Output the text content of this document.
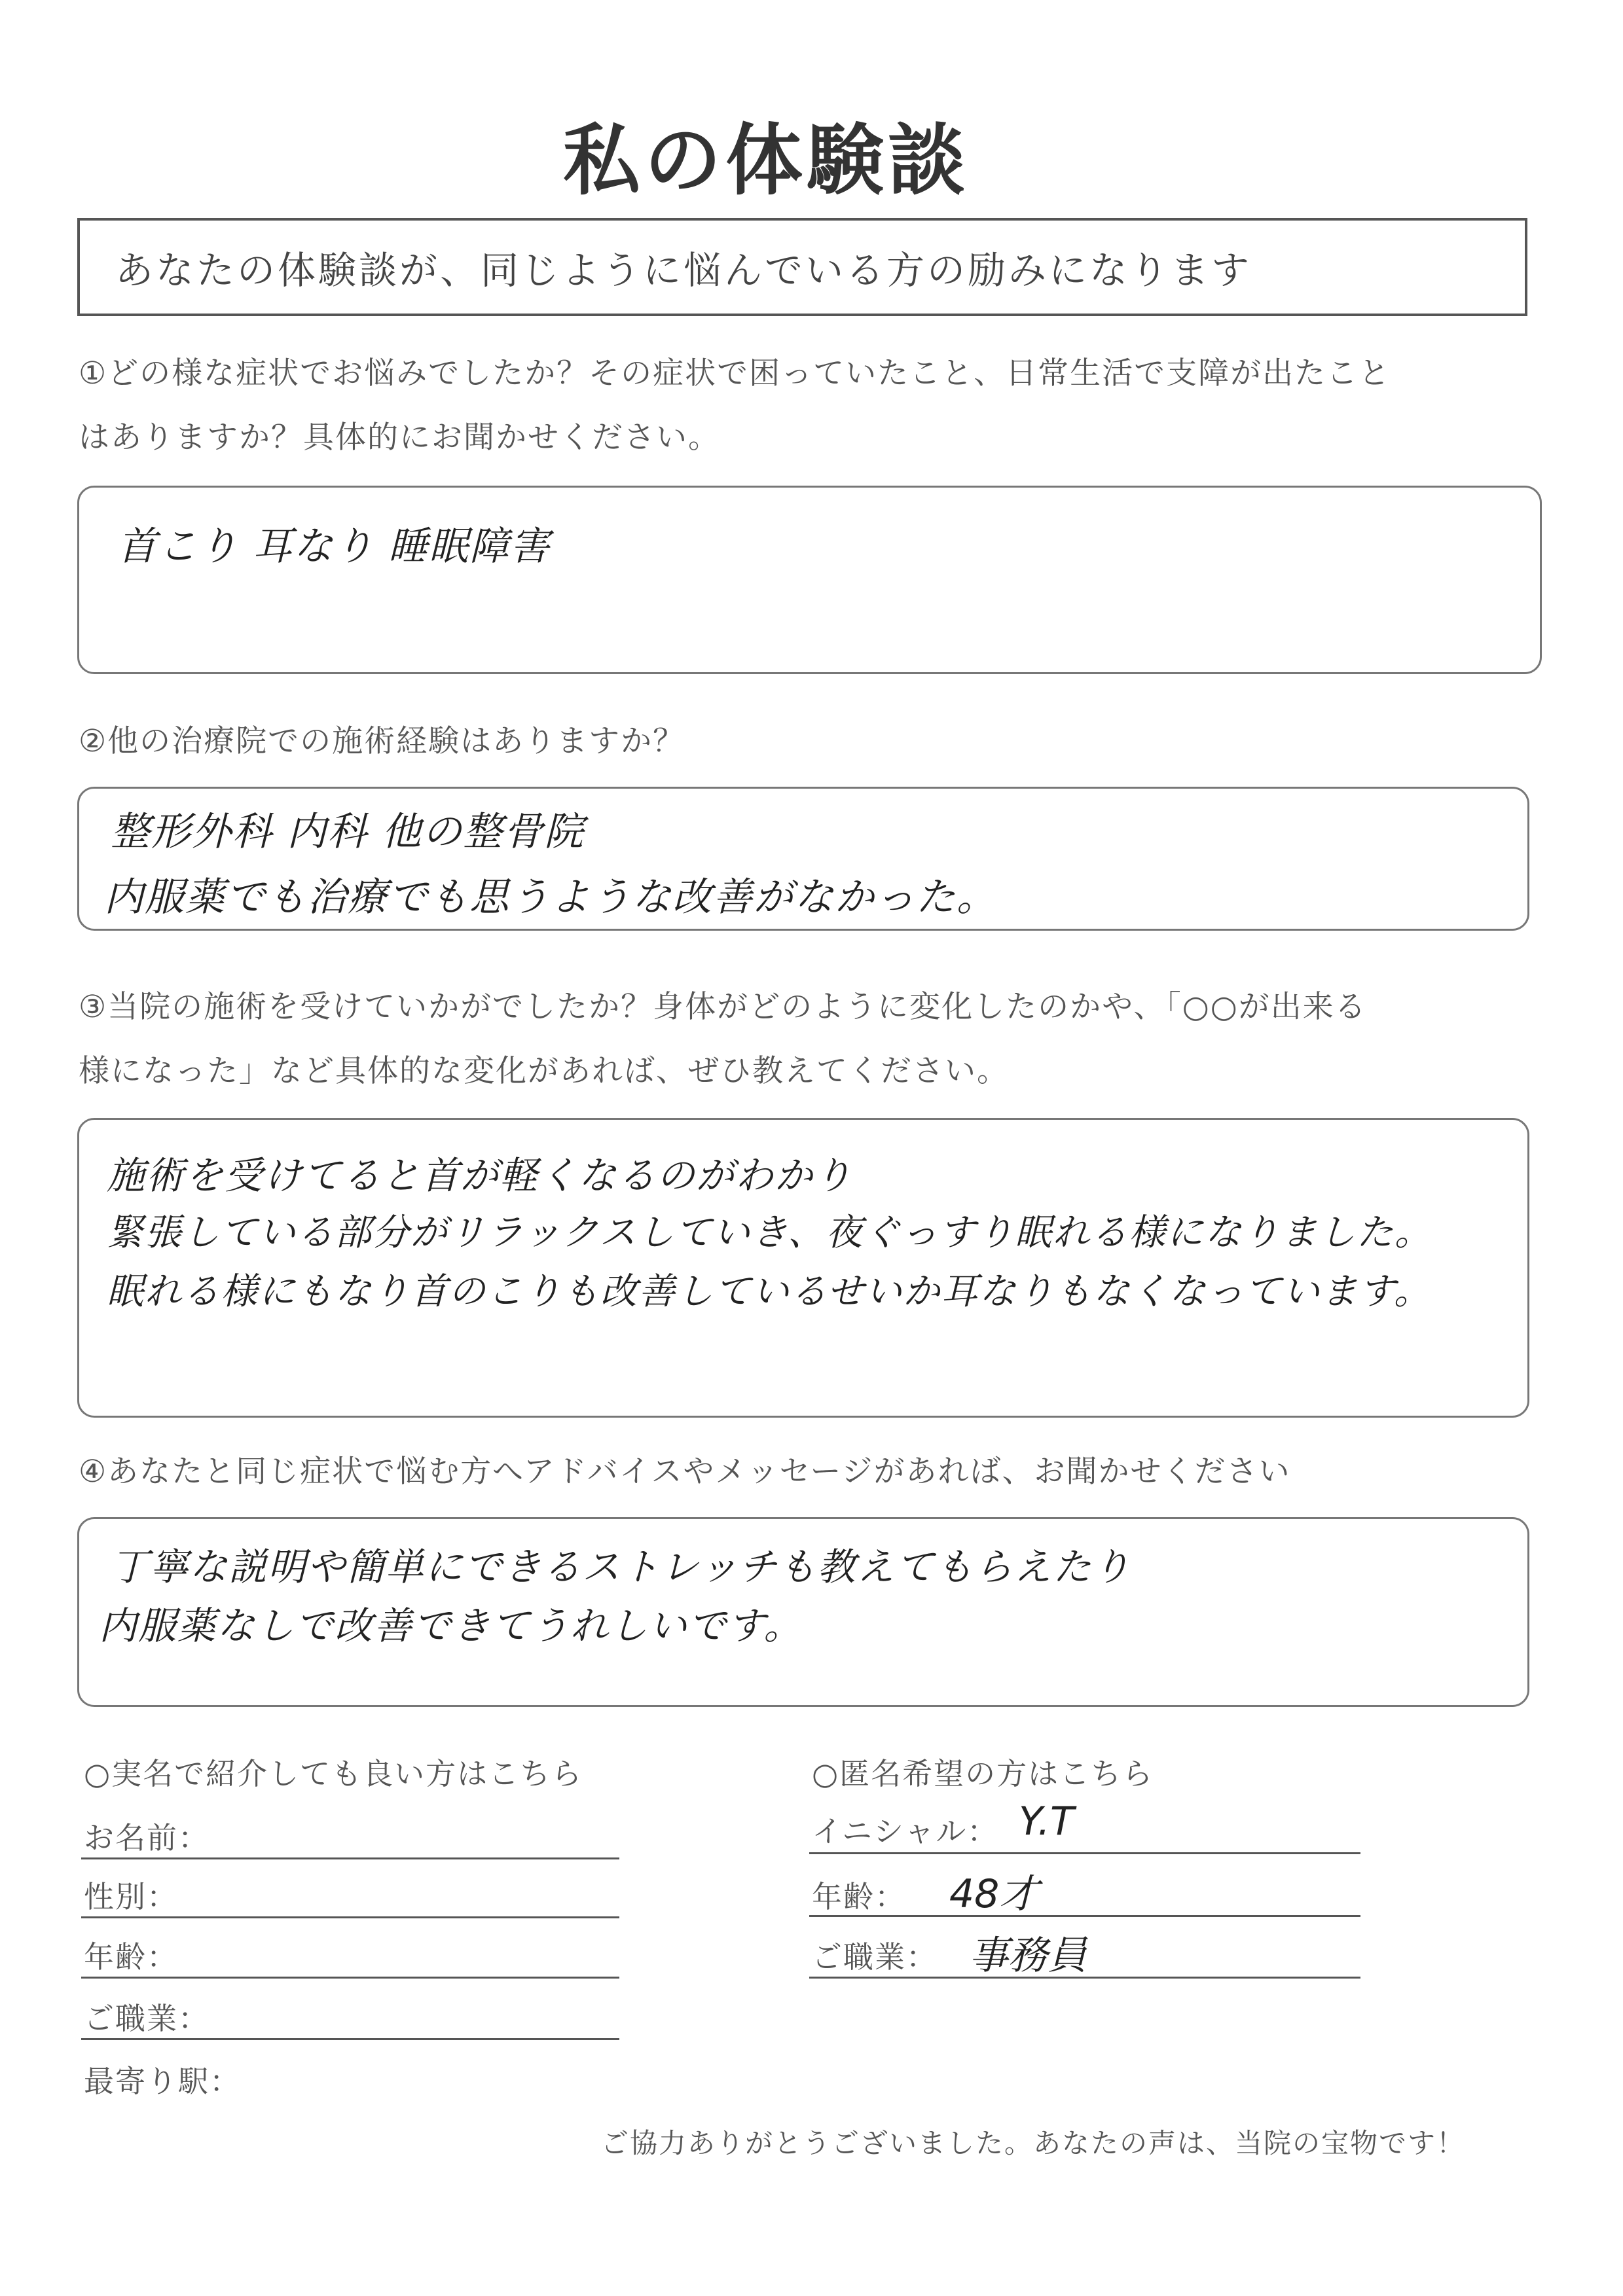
私の体験談
あなたの体験談が、同じように悩んでいる方の励みになります
①どの様な症状でお悩みでしたか？その症状で困っていたこと、日常生活で支障が出たこと
はありますか？具体的にお聞かせください。
首こり 耳なり 睡眠障害
②他の治療院での施術経験はありますか？
整形外科 内科 他の整骨院
内服薬でも治療でも思うような改善がなかった。
③当院の施術を受けていかがでしたか？身体がどのように変化したのかや、「○○が出来る
様になった」など具体的な変化があれば、ぜひ教えてください。
施術を受けてると首が軽くなるのがわかり
緊張している部分がリラックスしていき、夜ぐっすり眠れる様になりました。
眠れる様にもなり首のこりも改善しているせいか耳なりもなくなっています。
④あなたと同じ症状で悩む方へアドバイスやメッセージがあれば、お聞かせください
丁寧な説明や簡単にできるストレッチも教えてもらえたり
内服薬なしで改善できてうれしいです。
○実名で紹介しても良い方はこちら
お名前：
性別：
年齢：
ご職業：
最寄り駅：
○匿名希望の方はこちら
イニシャル： Y.T
年齢： 48才
ご職業： 事務員
ご協力ありがとうございました。あなたの声は、当院の宝物です！
